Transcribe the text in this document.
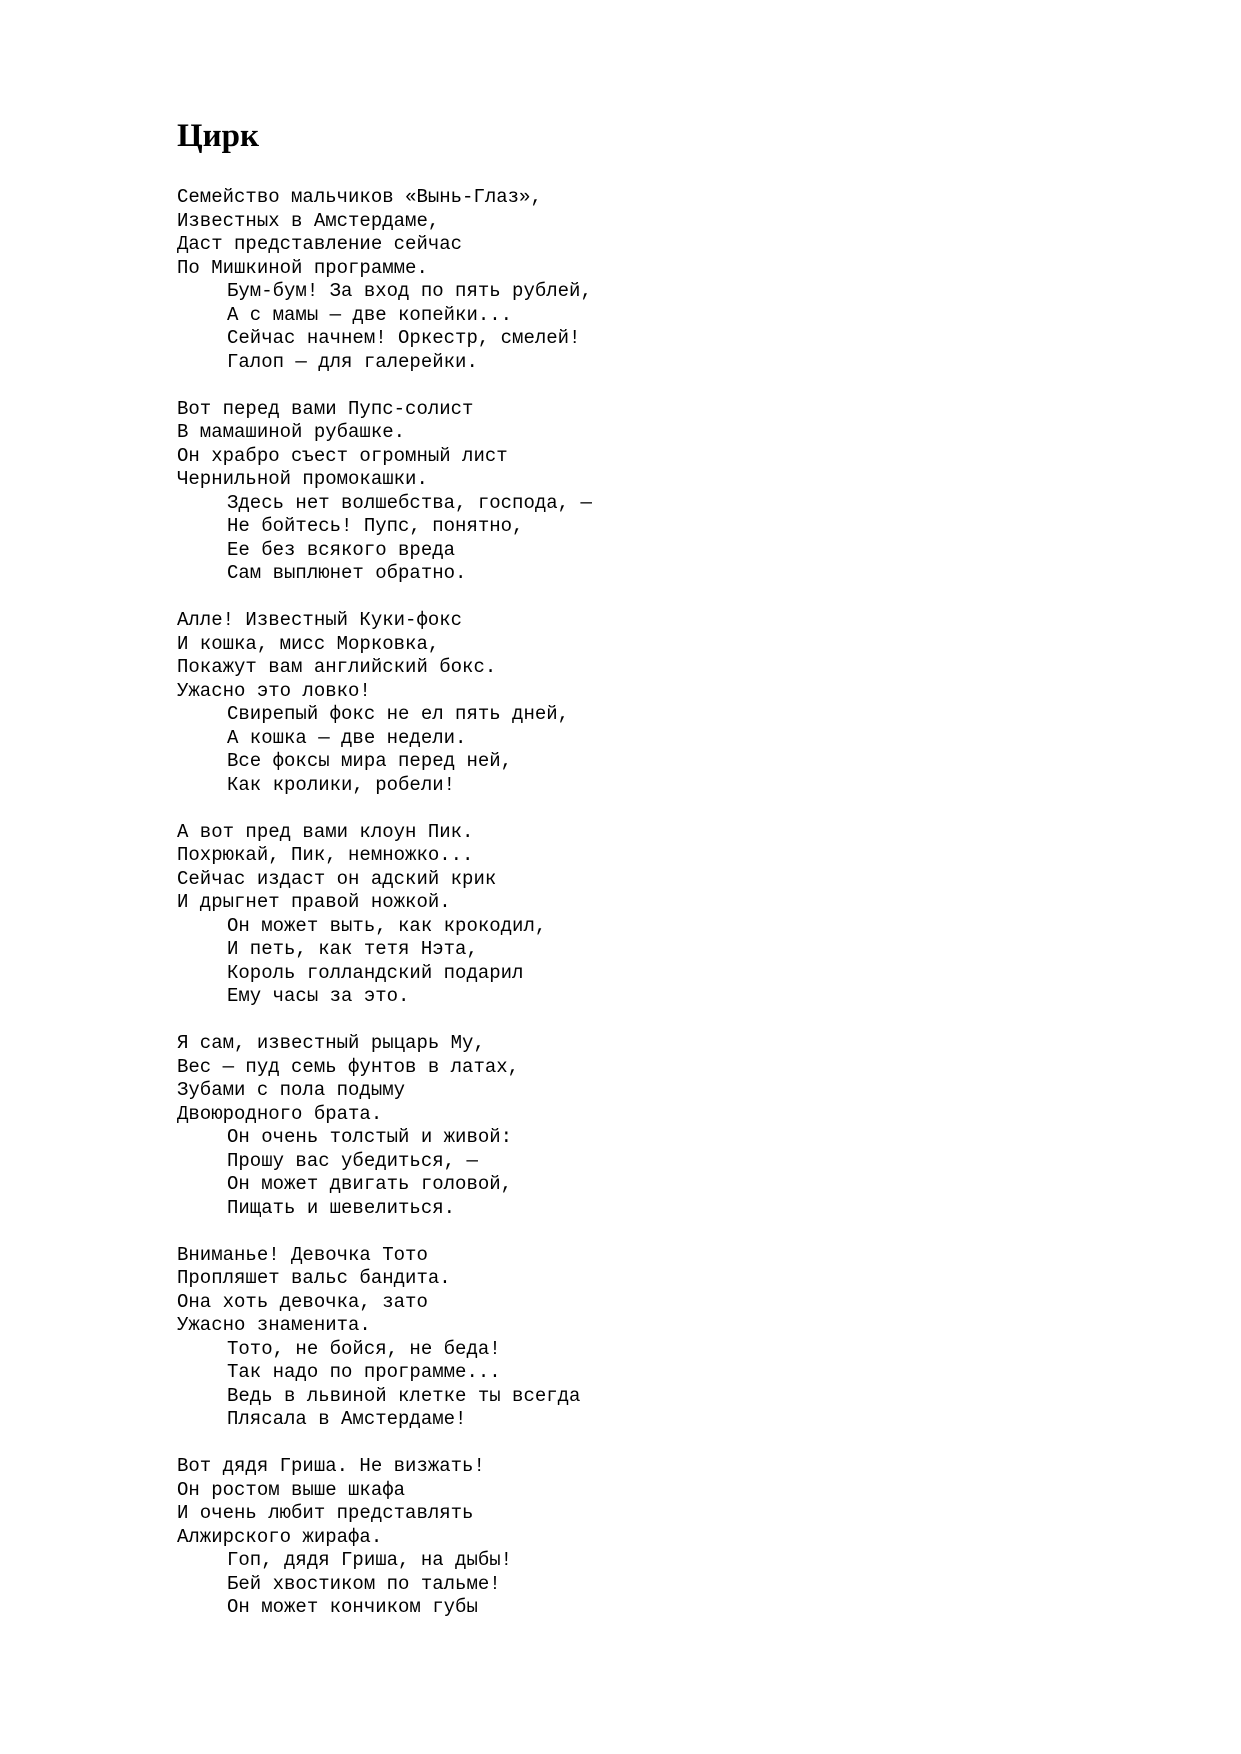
Цирк
Семейство мальчиков «Вынь-Глаз»,
Известных в Амстердаме,
Даст представление сейчас
По Мишкиной программе.
Бум-бум! За вход по пять рублей,
А с мамы — две копейки...
Сейчас начнем! Оркестр, смелей!
Галоп — для галерейки.
Вот перед вами Пупс-солист
В мамашиной рубашке.
Он храбро съест огромный лист
Чернильной промокашки.
Здесь нет волшебства, господа, —
Не бойтесь! Пупс, понятно,
Ее без всякого вреда
Сам выплюнет обратно.
Алле! Известный Куки-фокс
И кошка, мисс Морковка,
Покажут вам английский бокс.
Ужасно это ловко!
Свирепый фокс не ел пять дней,
А кошка — две недели.
Все фоксы мира перед ней,
Как кролики, робели!
А вот пред вами клоун Пик.
Похрюкай, Пик, немножко...
Сейчас издаст он адский крик
И дрыгнет правой ножкой.
Он может выть, как крокодил,
И петь, как тетя Нэта,
Король голландский подарил
Ему часы за это.
Я сам, известный рыцарь Му,
Вес — пуд семь фунтов в латах,
Зубами с пола подыму
Двоюродного брата.
Он очень толстый и живой:
Прошу вас убедиться, —
Он может двигать головой,
Пищать и шевелиться.
Вниманье! Девочка Тото
Пропляшет вальс бандита.
Она хоть девочка, зато
Ужасно знаменита.
Тото, не бойся, не беда!
Так надо по программе...
Ведь в львиной клетке ты всегда
Плясала в Амстердаме!
Вот дядя Гриша. Не визжать!
Он ростом выше шкафа
И очень любит представлять
Алжирского жирафа.
Гоп, дядя Гриша, на дыбы!
Бей хвостиком по тальме!
Он может кончиком губы
